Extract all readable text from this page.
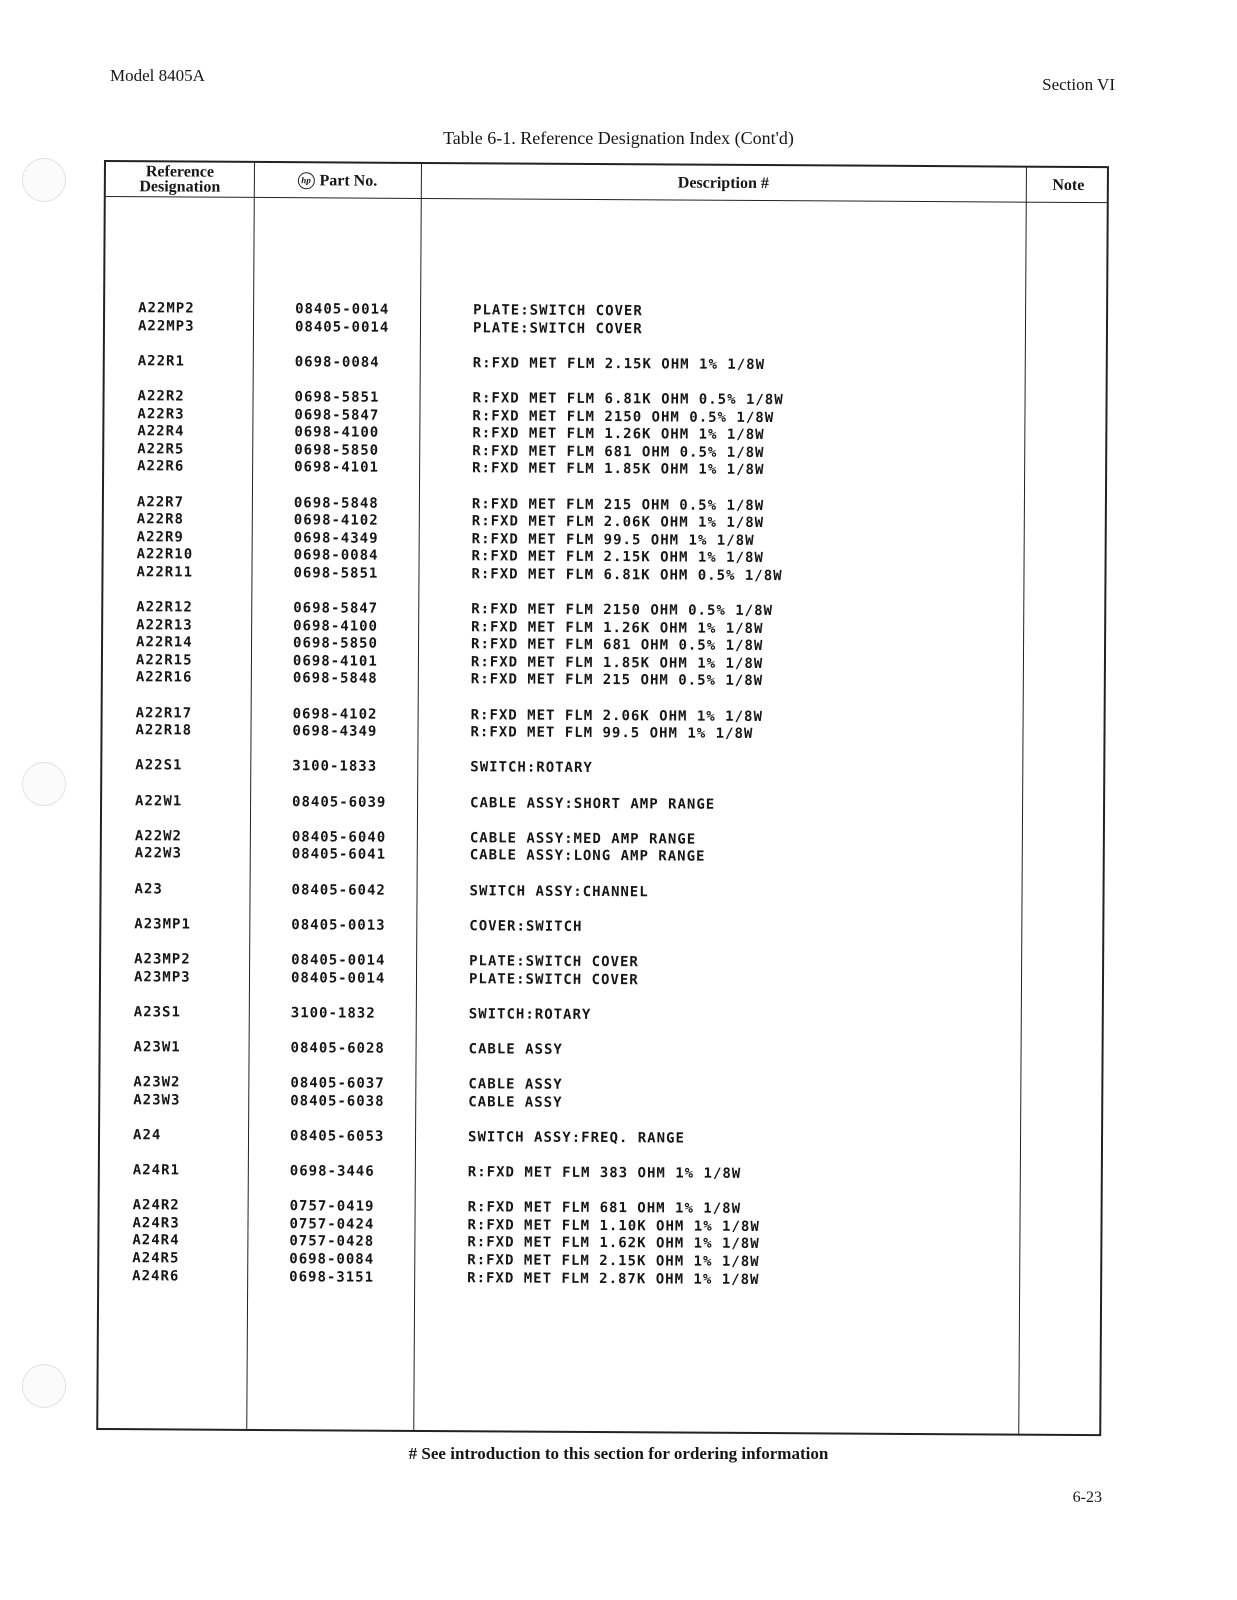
Model 8405A	Section VI
Table 6-1. Reference Designation Index (Cont'd)
Reference
Designation	hp Part No.	Description #	Note
A22MP2	08405-0014	PLATE:SWITCH COVER
A22MP3	08405-0014	PLATE:SWITCH COVER
A22R1	0698-0084	R:FXD MET FLM 2.15K OHM 1% 1/8W
A22R2	0698-5851	R:FXD MET FLM 6.81K OHM 0.5% 1/8W
A22R3	0698-5847	R:FXD MET FLM 2150 OHM 0.5% 1/8W
A22R4	0698-4100	R:FXD MET FLM 1.26K OHM 1% 1/8W
A22R5	0698-5850	R:FXD MET FLM 681 OHM 0.5% 1/8W
A22R6	0698-4101	R:FXD MET FLM 1.85K OHM 1% 1/8W
A22R7	0698-5848	R:FXD MET FLM 215 OHM 0.5% 1/8W
A22R8	0698-4102	R:FXD MET FLM 2.06K OHM 1% 1/8W
A22R9	0698-4349	R:FXD MET FLM 99.5 OHM 1% 1/8W
A22R10	0698-0084	R:FXD MET FLM 2.15K OHM 1% 1/8W
A22R11	0698-5851	R:FXD MET FLM 6.81K OHM 0.5% 1/8W
A22R12	0698-5847	R:FXD MET FLM 2150 OHM 0.5% 1/8W
A22R13	0698-4100	R:FXD MET FLM 1.26K OHM 1% 1/8W
A22R14	0698-5850	R:FXD MET FLM 681 OHM 0.5% 1/8W
A22R15	0698-4101	R:FXD MET FLM 1.85K OHM 1% 1/8W
A22R16	0698-5848	R:FXD MET FLM 215 OHM 0.5% 1/8W
A22R17	0698-4102	R:FXD MET FLM 2.06K OHM 1% 1/8W
A22R18	0698-4349	R:FXD MET FLM 99.5 OHM 1% 1/8W
A22S1	3100-1833	SWITCH:ROTARY
A22W1	08405-6039	CABLE ASSY:SHORT AMP RANGE
A22W2	08405-6040	CABLE ASSY:MED AMP RANGE
A22W3	08405-6041	CABLE ASSY:LONG AMP RANGE
A23	08405-6042	SWITCH ASSY:CHANNEL
A23MP1	08405-0013	COVER:SWITCH
A23MP2	08405-0014	PLATE:SWITCH COVER
A23MP3	08405-0014	PLATE:SWITCH COVER
A23S1	3100-1832	SWITCH:ROTARY
A23W1	08405-6028	CABLE ASSY
A23W2	08405-6037	CABLE ASSY
A23W3	08405-6038	CABLE ASSY
A24	08405-6053	SWITCH ASSY:FREQ. RANGE
A24R1	0698-3446	R:FXD MET FLM 383 OHM 1% 1/8W
A24R2	0757-0419	R:FXD MET FLM 681 OHM 1% 1/8W
A24R3	0757-0424	R:FXD MET FLM 1.10K OHM 1% 1/8W
A24R4	0757-0428	R:FXD MET FLM 1.62K OHM 1% 1/8W
A24R5	0698-0084	R:FXD MET FLM 2.15K OHM 1% 1/8W
A24R6	0698-3151	R:FXD MET FLM 2.87K OHM 1% 1/8W
# See introduction to this section for ordering information
6-23
